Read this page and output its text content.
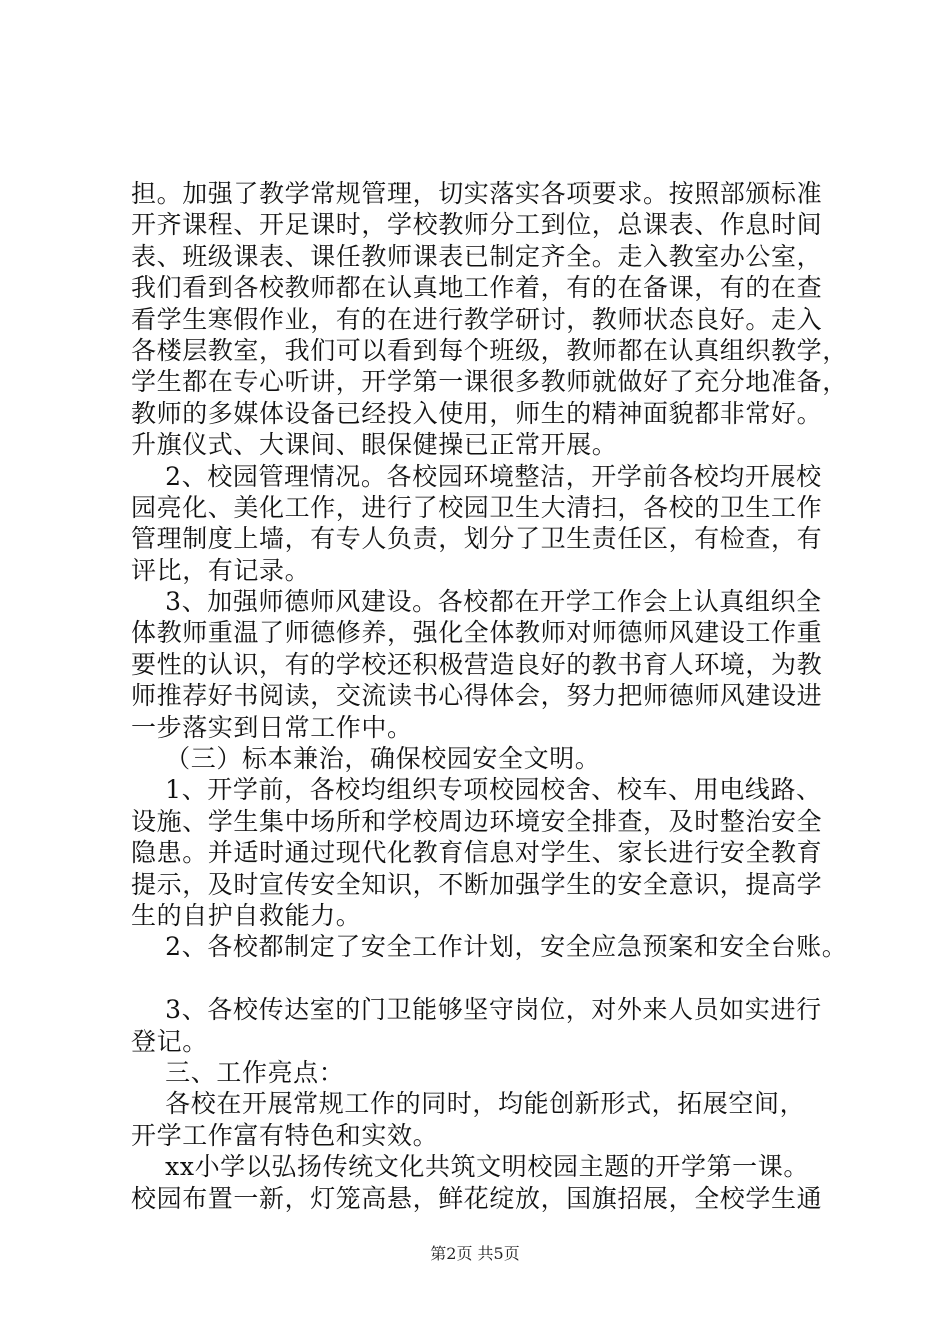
担。加强了教学常规管理，切实落实各项要求。按照部颁标准
开齐课程、开足课时，学校教师分工到位，总课表、作息时间
表、班级课表、课任教师课表已制定齐全。走入教室办公室，
我们看到各校教师都在认真地工作着，有的在备课，有的在查
看学生寒假作业，有的在进行教学研讨，教师状态良好。走入
各楼层教室，我们可以看到每个班级，教师都在认真组织教学，
学生都在专心听讲，开学第一课很多教师就做好了充分地准备，
教师的多媒体设备已经投入使用，师生的精神面貌都非常好。
升旗仪式、大课间、眼保健操已正常开展。
2、校园管理情况。各校园环境整洁，开学前各校均开展校
园亮化、美化工作，进行了校园卫生大清扫，各校的卫生工作
管理制度上墙，有专人负责，划分了卫生责任区，有检查，有
评比，有记录。
3、加强师德师风建设。各校都在开学工作会上认真组织全
体教师重温了师德修养，强化全体教师对师德师风建设工作重
要性的认识，有的学校还积极营造良好的教书育人环境，为教
师推荐好书阅读，交流读书心得体会，努力把师德师风建设进
一步落实到日常工作中。
（三）标本兼治，确保校园安全文明。
1、开学前，各校均组织专项校园校舍、校车、用电线路、
设施、学生集中场所和学校周边环境安全排查，及时整治安全
隐患。并适时通过现代化教育信息对学生、家长进行安全教育
提示，及时宣传安全知识，不断加强学生的安全意识，提高学
生的自护自救能力。
2、各校都制定了安全工作计划，安全应急预案和安全台账。
3、各校传达室的门卫能够坚守岗位，对外来人员如实进行
登记。
三、工作亮点：
各校在开展常规工作的同时，均能创新形式，拓展空间，
开学工作富有特色和实效。
xx小学以弘扬传统文化共筑文明校园主题的开学第一课。
校园布置一新，灯笼高悬，鲜花绽放，国旗招展，全校学生通
第2页 共5页
